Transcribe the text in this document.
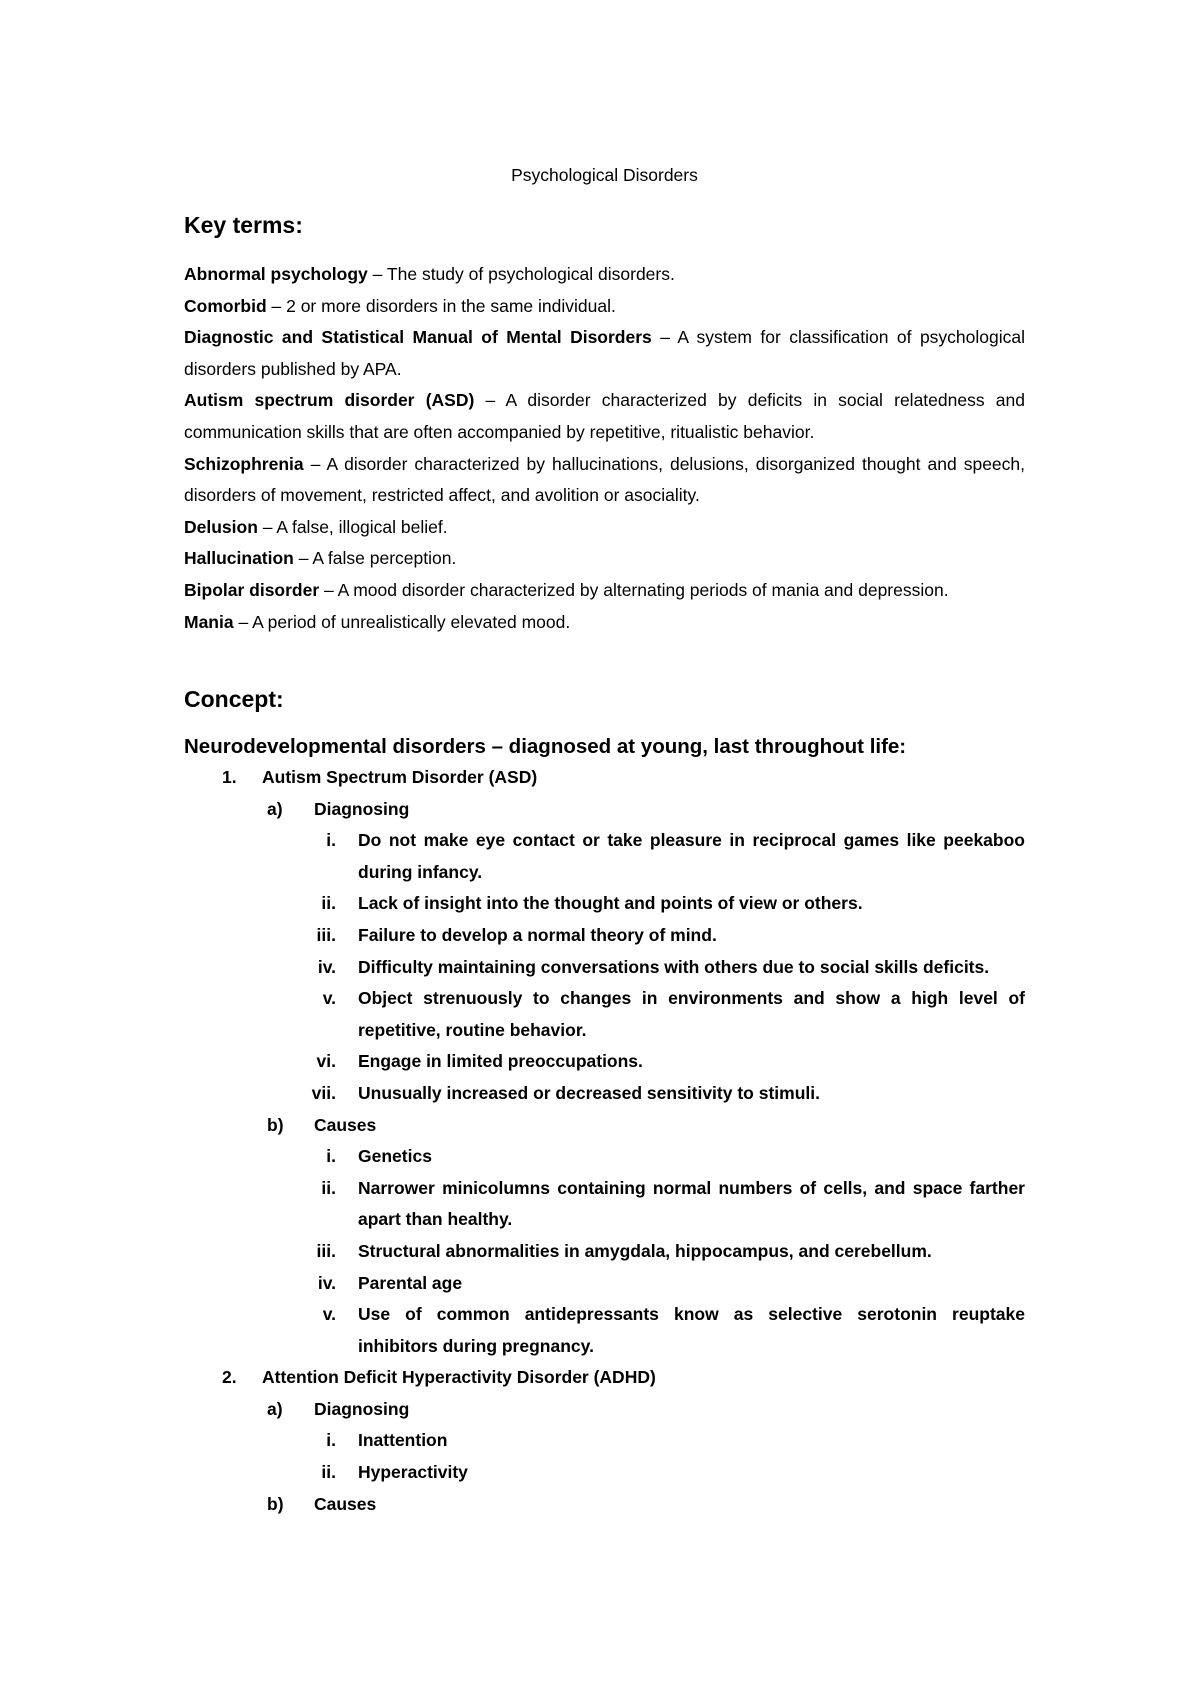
Psychological Disorders
Key terms:

Abnormal psychology – The study of psychological disorders.

Comorbid – 2 or more disorders in the same individual.

Diagnostic and Statistical Manual of Mental Disorders – A system for classification of psychological disorders published by APA.

Autism spectrum disorder (ASD) – A disorder characterized by deficits in social relatedness and communication skills that are often accompanied by repetitive, ritualistic behavior.

Schizophrenia – A disorder characterized by hallucinations, delusions, disorganized thought and speech, disorders of movement, restricted affect, and avolition or asociality.

Delusion – A false, illogical belief.

Hallucination – A false perception.

Bipolar disorder – A mood disorder characterized by alternating periods of mania and depression.

Mania – A period of unrealistically elevated mood.

Concept:
Neurodevelopmental disorders – diagnosed at young, last throughout life:

1. Autism Spectrum Disorder (ASD)

a) Diagnosing

i. Do not make eye contact or take pleasure in reciprocal games like peekaboo during infancy.

ii. Lack of insight into the thought and points of view or others.

iii. Failure to develop a normal theory of mind.

iv. Difficulty maintaining conversations with others due to social skills deficits.

v. Object strenuously to changes in environments and show a high level of repetitive, routine behavior.

vi. Engage in limited preoccupations.

vii. Unusually increased or decreased sensitivity to stimuli.

b) Causes

i. Genetics

ii. Narrower minicolumns containing normal numbers of cells, and space farther apart than healthy.

iii. Structural abnormalities in amygdala, hippocampus, and cerebellum.

iv. Parental age

v. Use of common antidepressants know as selective serotonin reuptake inhibitors during pregnancy.

2. Attention Deficit Hyperactivity Disorder (ADHD)

a) Diagnosing

i. Inattention

ii. Hyperactivity

b) Causes
